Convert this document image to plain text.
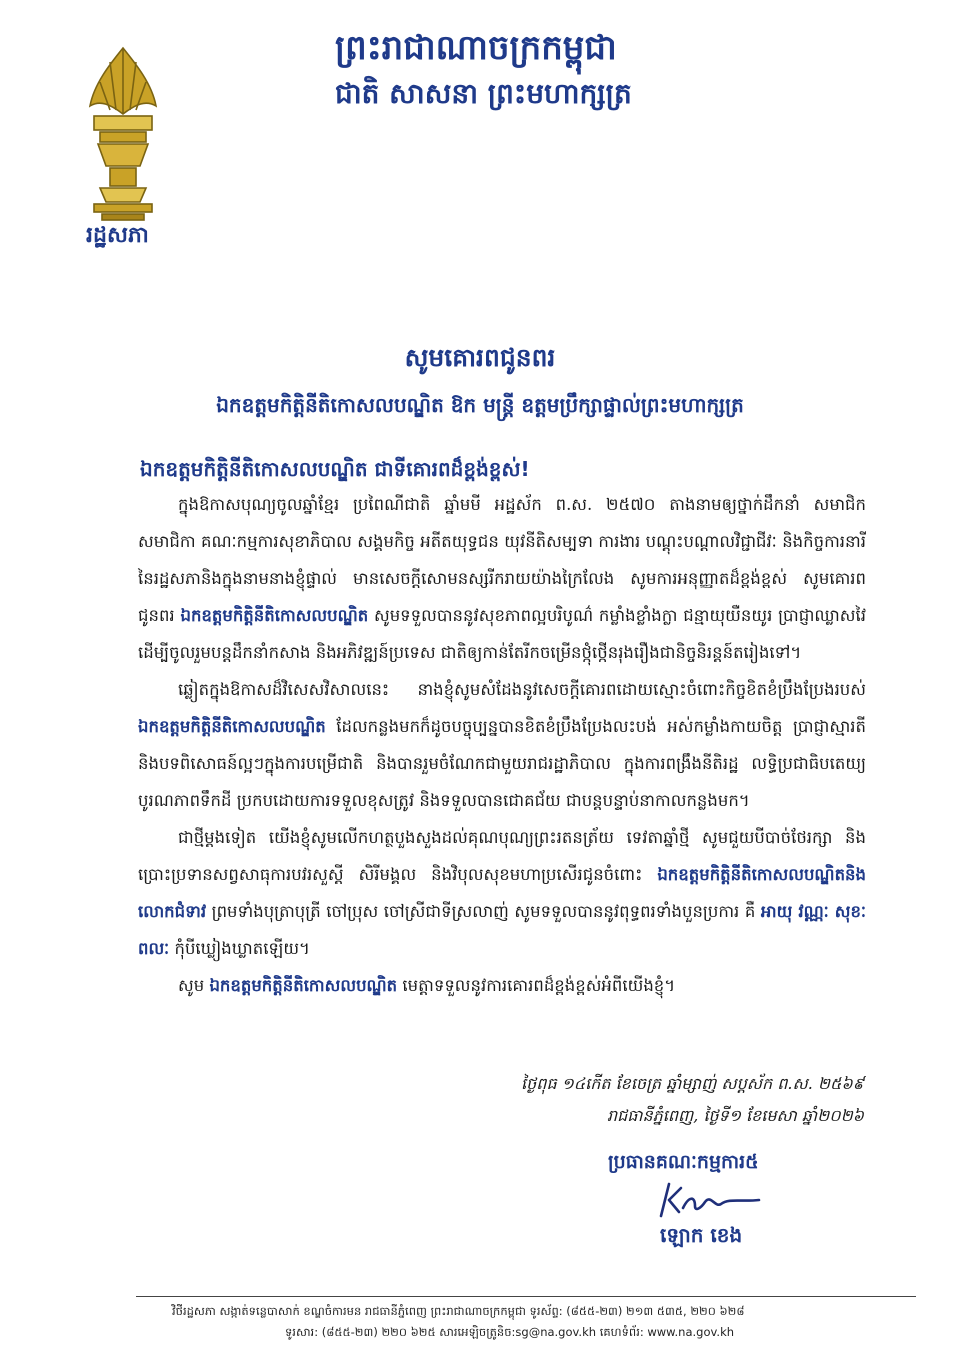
ព្រះរាជាណាចក្រកម្ពុជា
ជាតិ សាសនា ព្រះមហាក្សត្រ
រដ្ឋសភា
សូមគោរពជូនពរ
ឯកឧត្តមកិត្តិនីតិកោសលបណ្ឌិត ឱក មន្ត្រី ឧត្តមប្រឹក្សាផ្ទាល់ព្រះមហាក្សត្រ
ឯកឧត្តមកិត្តិនីតិកោសលបណ្ឌិត ជាទីគោរពដ៏ខ្ពង់ខ្ពស់!

ក្នុងឱកាសបុណ្យចូលឆ្នាំខ្មែរ ប្រពៃណីជាតិ ឆ្នាំមមី អដ្ឋស័ក ព.ស. ២៥៧០ តាងនាមឲ្យថ្នាក់ដឹកនាំ សមាជិក សមាជិកា គណៈកម្មការសុខាភិបាល សង្គមកិច្ច អតីតយុទ្ធជន យុវនីតិសម្បទា ការងារ បណ្តុះបណ្តាលវិជ្ជាជីវៈ និងកិច្ចការនារីនៃរដ្ឋសភានិងក្នុងនាមនាងខ្ញុំផ្ទាល់ មានសេចក្តីសោមនស្សរីករាយយ៉ាងក្រៃលែង សូមការអនុញ្ញាតដ៏ខ្ពង់ខ្ពស់ សូមគោរពជូនពរ ឯកឧត្តមកិត្តិនីតិកោសលបណ្ឌិត សូមទទួលបាននូវសុខភាពល្អបរិបូណ៌ កម្លាំងខ្លាំងក្លា ជន្មាយុយឺនយូរ ប្រាជ្ញាឈ្លាសវៃ ដើម្បីចូលរួមបន្តដឹកនាំកសាង និងអភិវឌ្ឍន៍ប្រទេស ជាតិឲ្យកាន់តែរីកចម្រើនថ្កុំថ្កើនរុងរឿងជានិច្ចនិរន្តន៍តរៀងទៅ។

ឆ្លៀតក្នុងឱកាសដ៏វិសេសវិសាលនេះ នាងខ្ញុំសូមសំដែងនូវសេចក្តីគោរពដោយស្មោះចំពោះកិច្ចខិតខំប្រឹងប្រែងរបស់ ឯកឧត្តមកិត្តិនីតិកោសលបណ្ឌិត ដែលកន្លងមកក៏ដូចបច្ចុប្បន្នបានខិតខំប្រឹងប្រែងលះបង់ អស់កម្លាំងកាយចិត្ត ប្រាជ្ញាស្មារតី និងបទពិសោធន៍ល្អៗក្នុងការបម្រើជាតិ និងបានរួមចំណែកជាមួយរាជរដ្ឋាភិបាល ក្នុងការពង្រឹងនីតិរដ្ឋ លទ្ធិប្រជាធិបតេយ្យ បូរណភាពទឹកដី ប្រកបដោយការទទួលខុសត្រូវ និងទទួលបានជោគជ័យ ជាបន្តបន្ទាប់នាកាលកន្លងមក។

ជាថ្មីម្តងទៀត យើងខ្ញុំសូមលើកហត្ថបួងសួងដល់គុណបុណ្យព្រះរតនត្រ័យ ទេវតាឆ្នាំថ្មី សូមជួយបីបាច់ថែរក្សា និងប្រោះប្រទានសព្វសាធុការបវរសួស្តី សិរីមង្គល និងវិបុលសុខមហាប្រសើរជូនចំពោះ ឯកឧត្តមកិត្តិនីតិកោសលបណ្ឌិតនិងលោកជំទាវ ព្រមទាំងបុត្រាបុត្រី ចៅប្រុស ចៅស្រីជាទីស្រលាញ់ សូមទទួលបាននូវពុទ្ធពរទាំងបួនប្រការ គឺ អាយុ វណ្ណៈ សុខៈ ពលៈ កុំបីឃ្លៀងឃ្លាតឡើយ។

សូម ឯកឧត្តមកិត្តិនីតិកោសលបណ្ឌិត មេត្តាទទួលនូវការគោរពដ៏ខ្ពង់ខ្ពស់អំពីយើងខ្ញុំ។

ថ្ងៃពុធ ១៤កើត ខែចេត្រ ឆ្នាំម្សាញ់ សប្តស័ក ព.ស. ២៥៦៩
រាជធានីភ្នំពេញ, ថ្ងៃទី១ ខែមេសា ឆ្នាំ២០២៦
ប្រធានគណៈកម្មការ៥
ឡោក ខេង
វិថីរដ្ឋសភា សង្កាត់ទន្លេបាសាក់ ខណ្ឌចំការមន រាជធានីភ្នំពេញ ព្រះរាជាណាចក្រកម្ពុជា ទូរស័ព្ទ: (៨៥៥-២៣) ២១៣ ៥៣៥, ២២០ ៦២៨
ទូរសារ: (៨៥៥-២៣) ២២០ ៦២៥ សារអេឡិចត្រូនិច:sg@na.gov.kh គេហទំព័រ: www.na.gov.kh
